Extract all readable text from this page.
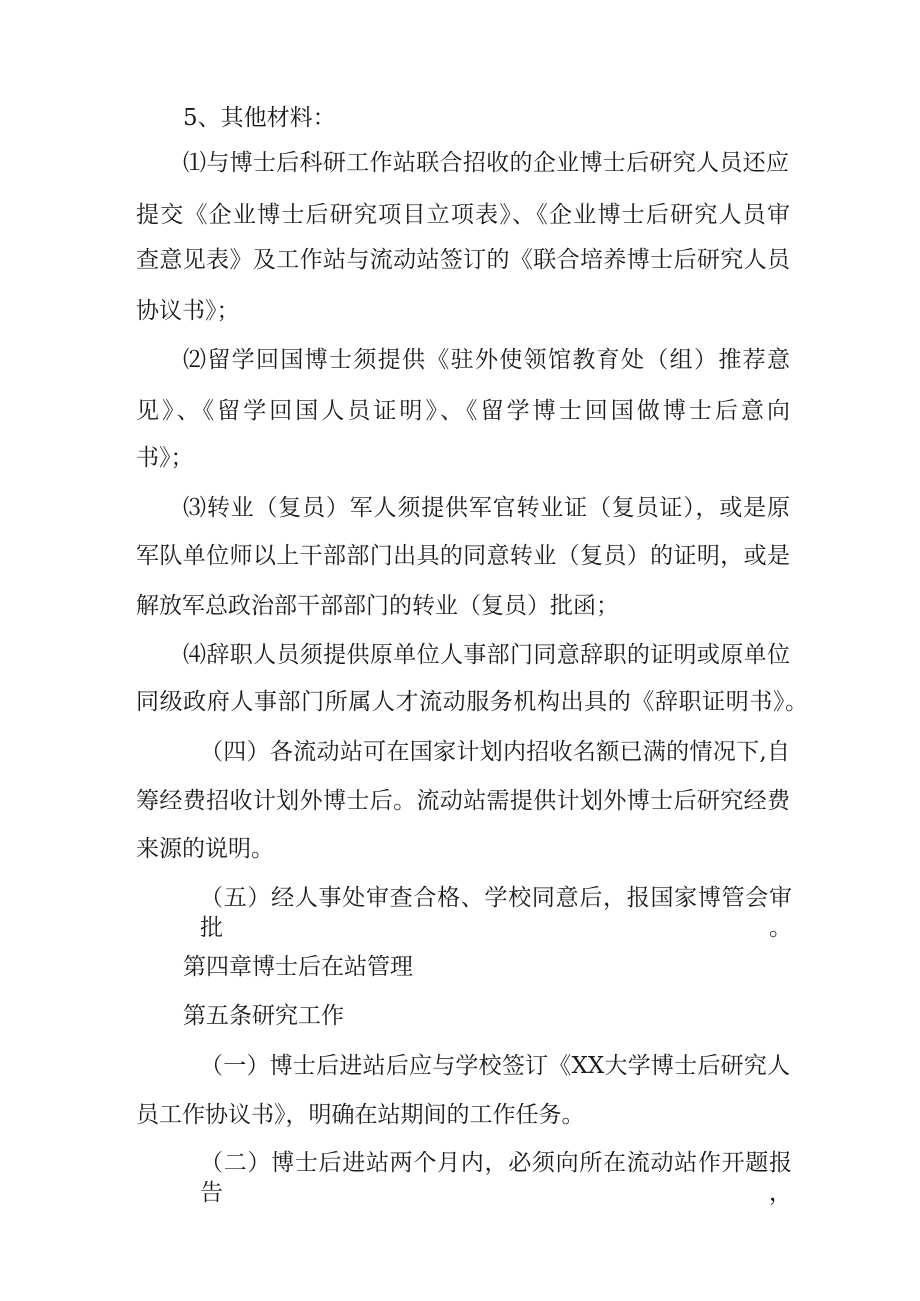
5、其他材料：

⑴与博士后科研工作站联合招收的企业博士后研究人员还应

提交《企业博士后研究项目立项表》、《企业博士后研究人员审

查意见表》及工作站与流动站签订的《联合培养博士后研究人员

协议书》；

⑵留学回国博士须提供《驻外使领馆教育处（组）推荐意

见》、《留学回国人员证明》、《留学博士回国做博士后意向

书》；

⑶转业（复员）军人须提供军官转业证（复员证），或是原

军队单位师以上干部部门出具的同意转业（复员）的证明，或是

解放军总政治部干部部门的转业（复员）批函；

⑷辞职人员须提供原单位人事部门同意辞职的证明或原单位

同级政府人事部门所属人才流动服务机构出具的《辞职证明书》。

（四）各流动站可在国家计划内招收名额已满的情况下,自

筹经费招收计划外博士后。流动站需提供计划外博士后研究经费

来源的说明。

（五）经人事处审查合格、学校同意后，报国家博管会审批。

第四章博士后在站管理

第五条研究工作

（一）博士后进站后应与学校签订《XX大学博士后研究人

员工作协议书》，明确在站期间的工作任务。

（二）博士后进站两个月内，必须向所在流动站作开题报告，
